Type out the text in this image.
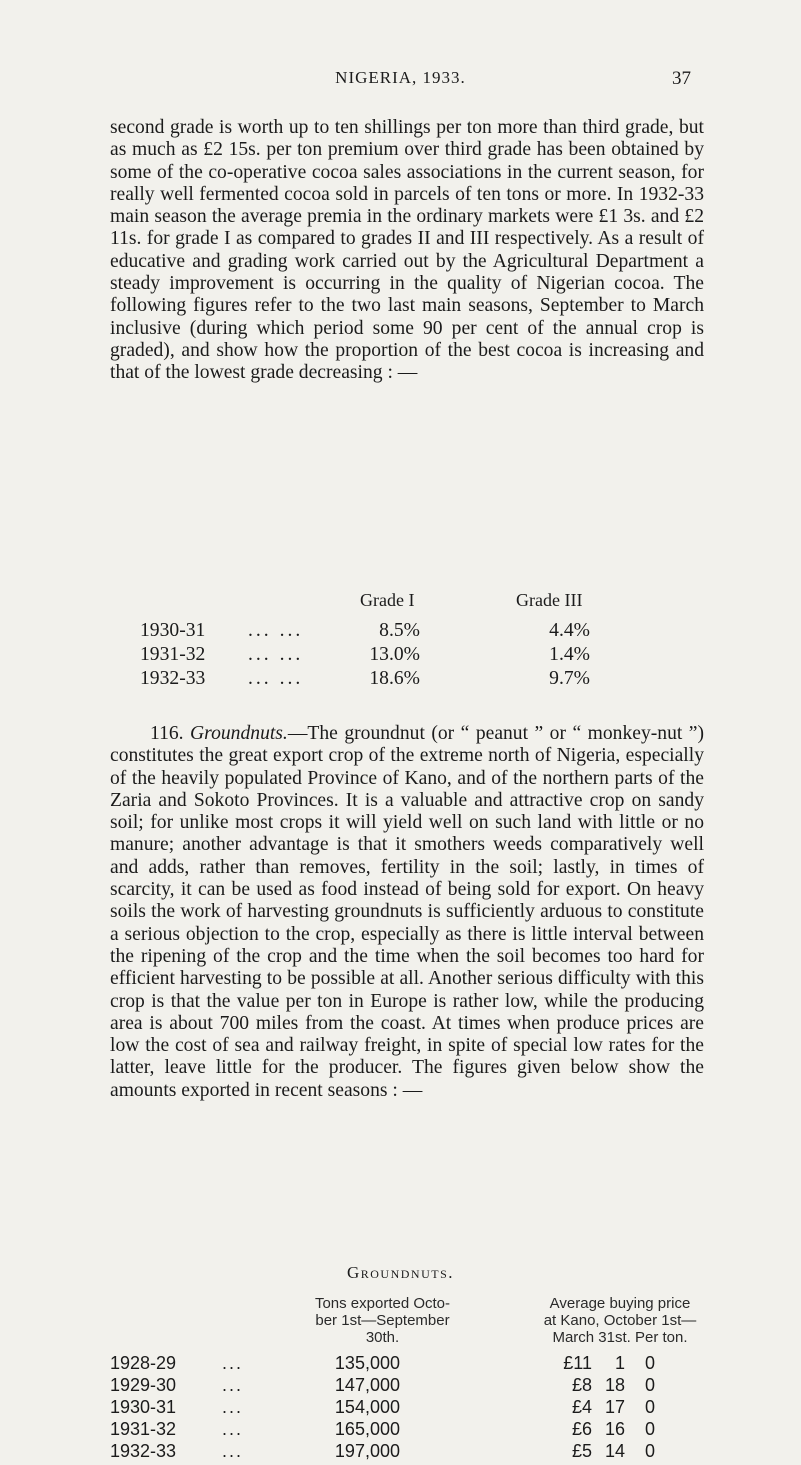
NIGERIA, 1933.	37

second grade is worth up to ten shillings per ton more than third grade, but as much as £2 15s. per ton premium over third grade has been obtained by some of the co-operative cocoa sales associations in the current season, for really well fermented cocoa sold in parcels of ten tons or more. In 1932-33 main season the average premia in the ordinary markets were £1 3s. and £2 11s. for grade I as compared to grades II and III respectively. As a result of educative and grading work carried out by the Agricultural Department a steady improvement is occurring in the quality of Nigerian cocoa. The following figures refer to the two last main seasons, September to March inclusive (during which period some 90 per cent of the annual crop is graded), and show how the proportion of the best cocoa is increasing and that of the lowest grade decreasing : —

Grade I	Grade III
1930-31 ... ...	8.5%	4.4%
1931-32 ... ...	13.0%	1.4%
1932-33 ... ...	18.6%	9.7%

116. Groundnuts.—The groundnut (or “ peanut ” or “ monkey-nut ”) constitutes the great export crop of the extreme north of Nigeria, especially of the heavily populated Province of Kano, and of the northern parts of the Zaria and Sokoto Provinces. It is a valuable and attractive crop on sandy soil; for unlike most crops it will yield well on such land with little or no manure; another advantage is that it smothers weeds comparatively well and adds, rather than removes, fertility in the soil; lastly, in times of scarcity, it can be used as food instead of being sold for export. On heavy soils the work of harvesting groundnuts is sufficiently arduous to constitute a serious objection to the crop, especially as there is little interval between the ripening of the crop and the time when the soil becomes too hard for efficient harvesting to be possible at all. Another serious difficulty with this crop is that the value per ton in Europe is rather low, while the producing area is about 700 miles from the coast. At times when produce prices are low the cost of sea and railway freight, in spite of special low rates for the latter, leave little for the producer. The figures given below show the amounts exported in recent seasons : —

Groundnuts.
Tons exported Octo-
ber 1st—September
30th.
Average buying price
at Kano, October 1st—
March 31st. Per ton.
1928-29	...	135,000	£11	1	0
1929-30	...	147,000	£8 18	0
1930-31	...	154,000	£4 17	0
1931-32	...	165,000	£6 16	0
1932-33	...	197,000	£5 14	0
